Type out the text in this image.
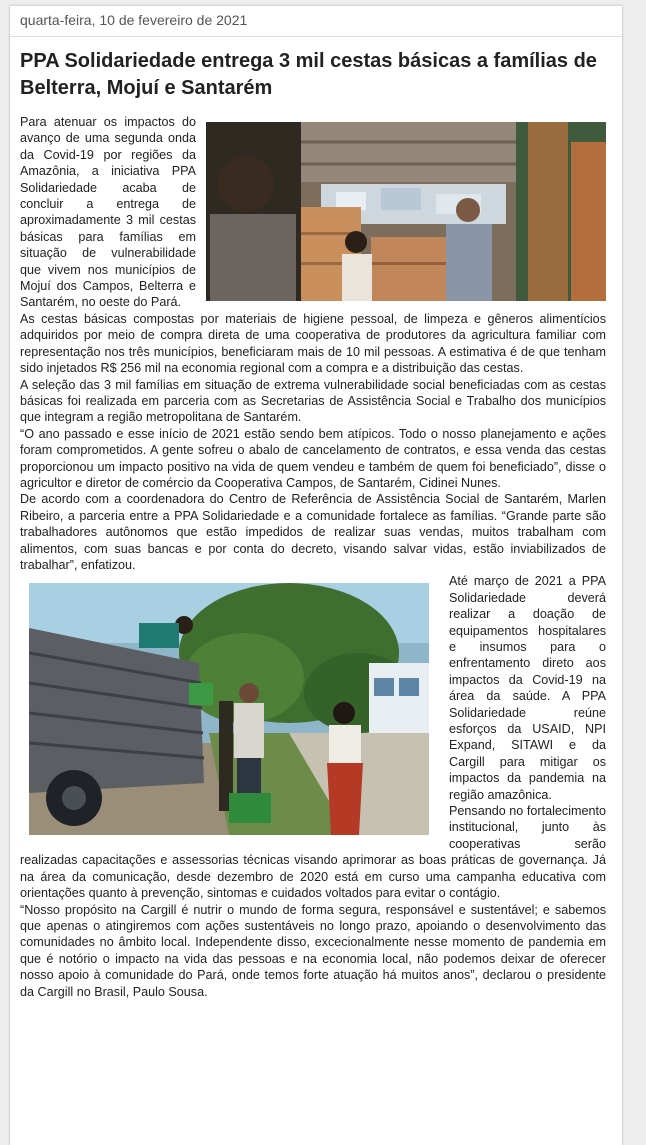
quarta-feira, 10 de fevereiro de 2021
PPA Solidariedade entrega 3 mil cestas básicas a famílias de Belterra, Mojuí e Santarém

Para atenuar os impactos do avanço de uma segunda onda da Covid-19 por regiões da Amazônia, a iniciativa PPA Solidariedade acaba de concluir a entrega de aproximadamente 3 mil cestas básicas para famílias em situação de vulnerabilidade que vivem nos municípios de Mojuí dos Campos, Belterra e Santarém, no oeste do Pará.

As cestas básicas compostas por materiais de higiene pessoal, de limpeza e gêneros alimentícios adquiridos por meio de compra direta de uma cooperativa de produtores da agricultura familiar com representação nos três municípios, beneficiaram mais de 10 mil pessoas. A estimativa é de que tenham sido injetados R$ 256 mil na economia regional com a compra e a distribuição das cestas.

A seleção das 3 mil famílias em situação de extrema vulnerabilidade social beneficiadas com as cestas básicas foi realizada em parceria com as Secretarias de Assistência Social e Trabalho dos municípios que integram a região metropolitana de Santarém.

“O ano passado e esse início de 2021 estão sendo bem atípicos. Todo o nosso planejamento e ações foram comprometidos. A gente sofreu o abalo de cancelamento de contratos, e essa venda das cestas proporcionou um impacto positivo na vida de quem vendeu e também de quem foi beneficiado”, disse o agricultor e diretor de comércio da Cooperativa Campos, de Santarém, Cidinei Nunes.

De acordo com a coordenadora do Centro de Referência de Assistência Social de Santarém, Marlen Ribeiro, a parceria entre a PPA Solidariedade e a comunidade fortalece as famílias. “Grande parte são trabalhadores autônomos que estão impedidos de realizar suas vendas, muitos trabalham com alimentos, com suas bancas e por conta do decreto, visando salvar vidas, estão inviabilizados de trabalhar”, enfatizou.

Até março de 2021 a PPA Solidariedade deverá realizar a doação de equipamentos hospitalares e insumos para o enfrentamento direto aos impactos da Covid-19 na área da saúde. A PPA Solidariedade reúne esforços da USAID, NPI Expand, SITAWI e da Cargill para mitigar os impactos da pandemia na região amazônica.

Pensando no fortalecimento institucional, junto às cooperativas serão realizadas capacitações e assessorias técnicas visando aprimorar as boas práticas de governança. Já na área da comunicação, desde dezembro de 2020 está em curso uma campanha educativa com orientações quanto à prevenção, sintomas e cuidados voltados para evitar o contágio.

“Nosso propósito na Cargill é nutrir o mundo de forma segura, responsável e sustentável; e sabemos que apenas o atingiremos com ações sustentáveis no longo prazo, apoiando o desenvolvimento das comunidades no âmbito local. Independente disso, excecionalmente nesse momento de pandemia em que é notório o impacto na vida das pessoas e na economia local, não podemos deixar de oferecer nosso apoio à comunidade do Pará, onde temos forte atuação há muitos anos”, declarou o presidente da Cargill no Brasil, Paulo Sousa.
